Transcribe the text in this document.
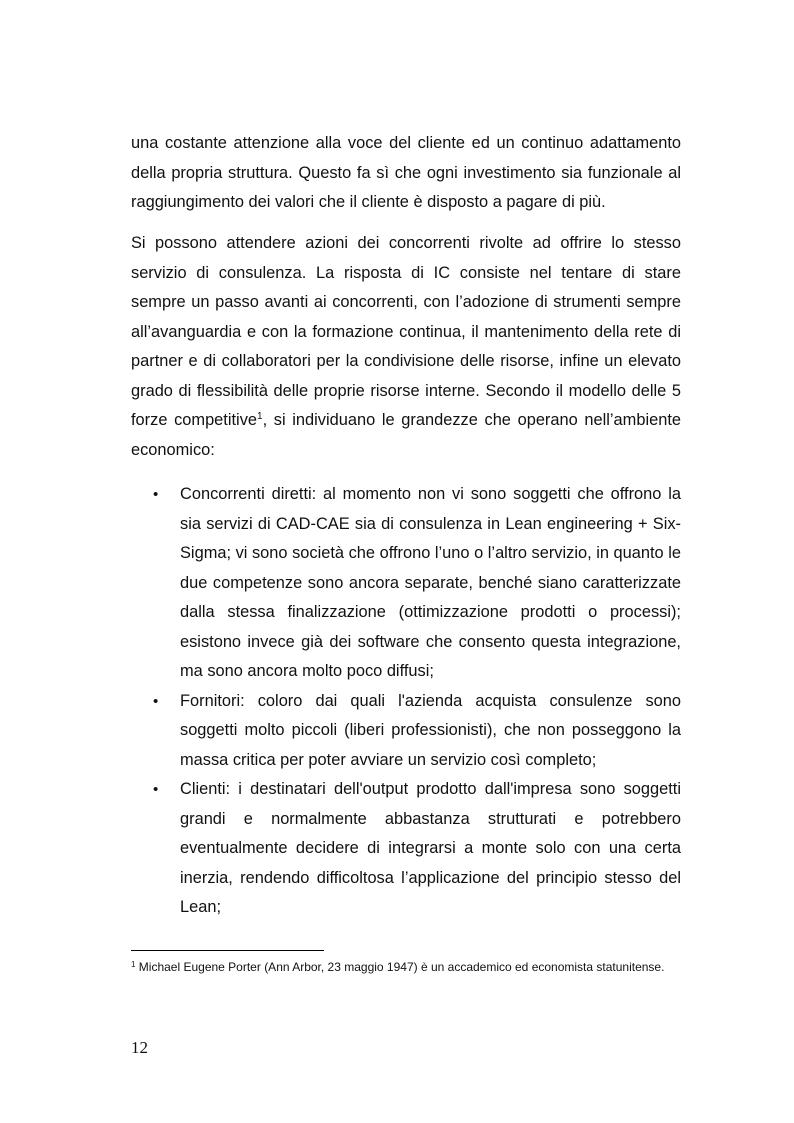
una costante attenzione alla voce del cliente ed un continuo adattamento della propria struttura. Questo fa sì che ogni investimento sia funzionale al raggiungimento dei valori che il cliente è disposto a pagare di più.

Si possono attendere azioni dei concorrenti rivolte ad offrire lo stesso servizio di consulenza. La risposta di IC consiste nel tentare di stare sempre un passo avanti ai concorrenti, con l’adozione di strumenti sempre all’avanguardia e con la formazione continua, il mantenimento della rete di partner e di collaboratori per la condivisione delle risorse, infine un elevato grado di flessibilità delle proprie risorse interne. Secondo il modello delle 5 forze competitive$^1$, si individuano le grandezze che operano nell’ambiente economico:

• Concorrenti diretti: al momento non vi sono soggetti che offrono la sia servizi di CAD-CAE sia di consulenza in Lean engineering + Six-Sigma; vi sono società che offrono l’uno o l’altro servizio, in quanto le due competenze sono ancora separate, benché siano caratterizzate dalla stessa finalizzazione (ottimizzazione prodotti o processi); esistono invece già dei software che consento questa integrazione, ma sono ancora molto poco diffusi;
• Fornitori: coloro dai quali l'azienda acquista consulenze sono soggetti molto piccoli (liberi professionisti), che non posseggono la massa critica per poter avviare un servizio così completo;
• Clienti: i destinatari dell'output prodotto dall'impresa sono soggetti grandi e normalmente abbastanza strutturati e potrebbero eventualmente decidere di integrarsi a monte solo con una certa inerzia, rendendo difficoltosa l’applicazione del principio stesso del Lean;

$^1$ Michael Eugene Porter (Ann Arbor, 23 maggio 1947) è un accademico ed economista statunitense.

12
